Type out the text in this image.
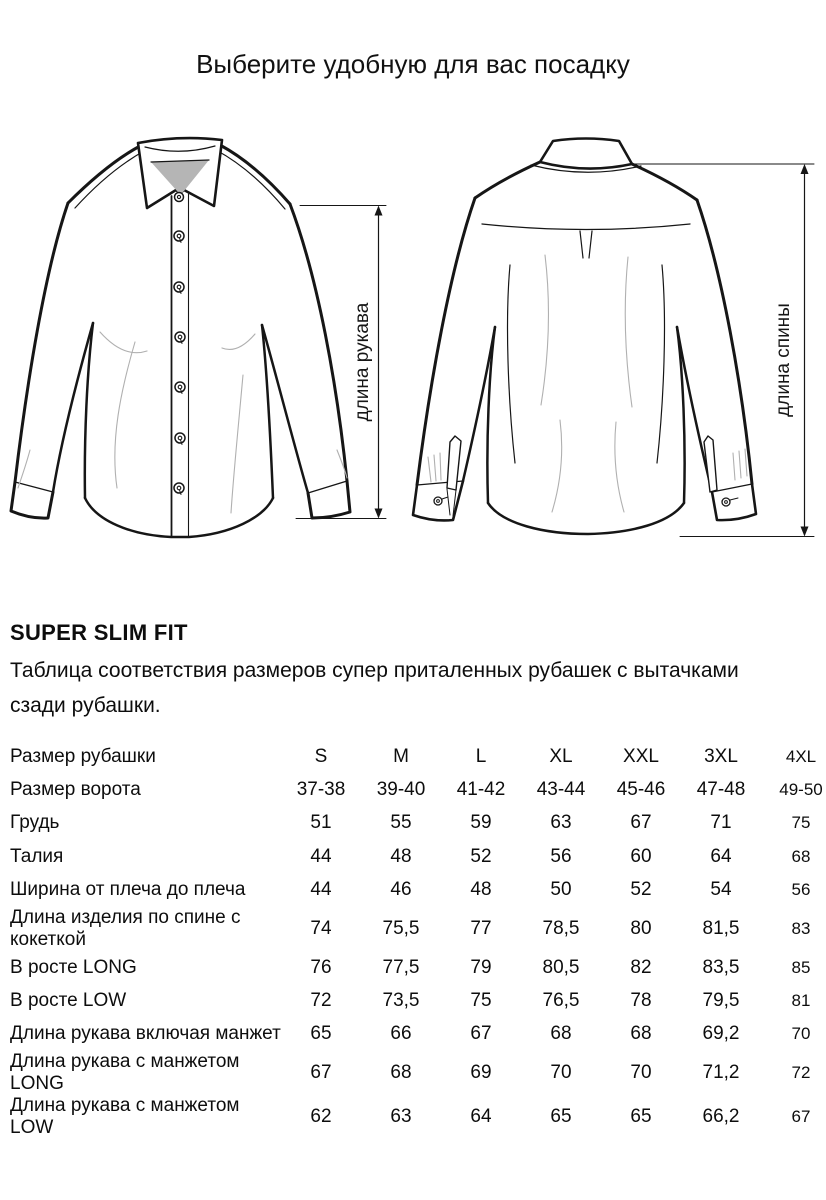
Выберите удобную для вас посадку
длина рукава	длина спины
SUPER SLIM FIT
Таблица соответствия размеров супер приталенных рубашек с вытачками
сзади рубашки.
Размер рубашки	S	M	L	XL	XXL	3XL	4XL
Размер ворота	37-38	39-40	41-42	43-44	45-46	47-48	49-50
Грудь	51	55	59	63	67	71	75
Талия	44	48	52	56	60	64	68
Ширина от плеча до плеча	44	46	48	50	52	54	56
Длина изделия по спине с кокеткой	74	75,5	77	78,5	80	81,5	83
В росте LONG	76	77,5	79	80,5	82	83,5	85
В росте LOW	72	73,5	75	76,5	78	79,5	81
Длина рукава включая манжет	65	66	67	68	68	69,2	70
Длина рукава с манжетом LONG	67	68	69	70	70	71,2	72
Длина рукава с манжетом LOW	62	63	64	65	65	66,2	67
